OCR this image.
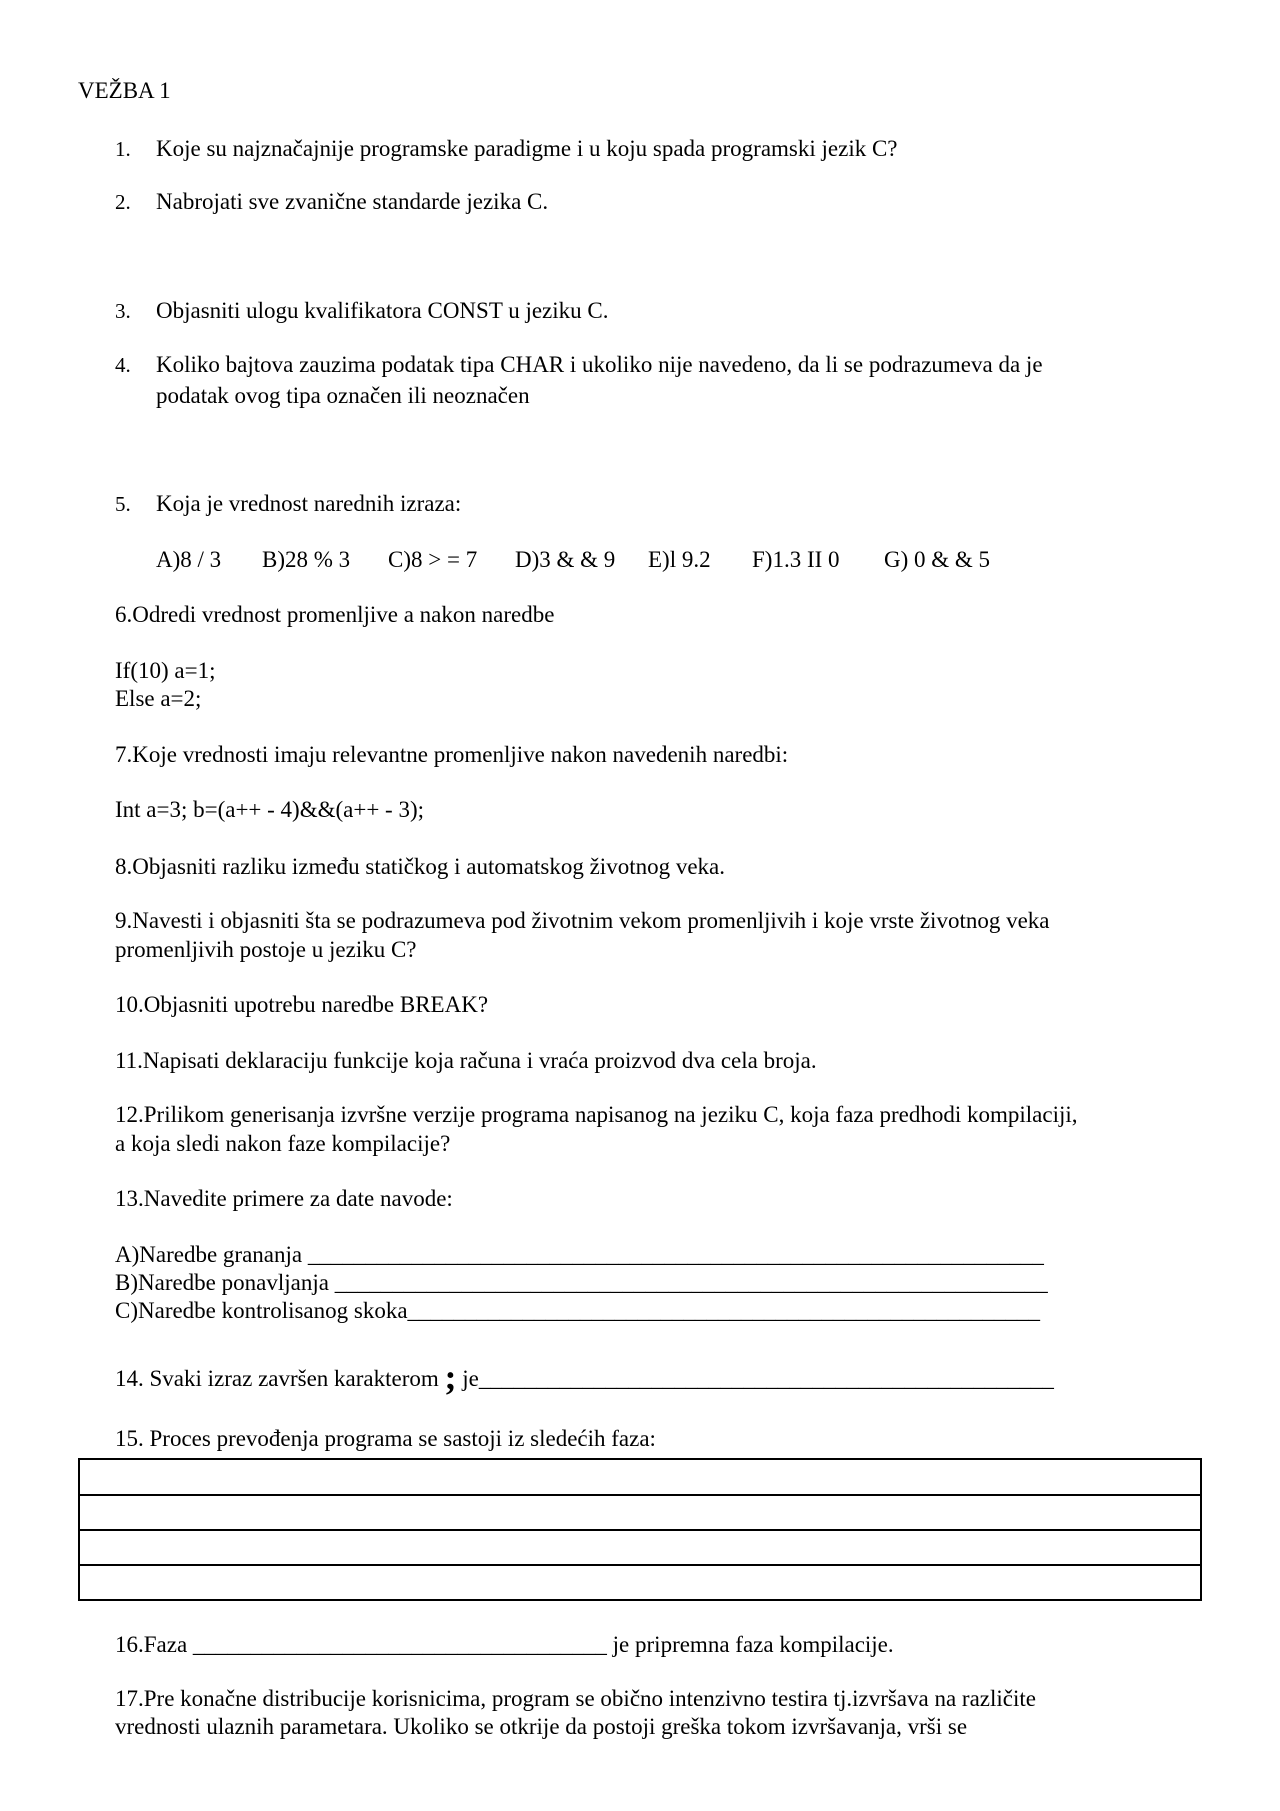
VEŽBA 1
1. Koje su najznačajnije programske paradigme i u koju spada programski jezik C?
2. Nabrojati sve zvanične standarde jezika C.
3. Objasniti ulogu kvalifikatora CONST u jeziku C.
4. Koliko bajtova zauzima podatak tipa CHAR i ukoliko nije navedeno, da li se podrazumeva da je
podatak ovog tipa označen ili neoznačen
5. Koja je vrednost narednih izraza:
A)8 / 3 B)28 % 3 C)8 > = 7 D)3 & & 9 E)l 9.2 F)1.3 II 0 G) 0 & & 5
6.Odredi vrednost promenljive a nakon naredbe
If(10) a=1;
Else a=2;
7.Koje vrednosti imaju relevantne promenljive nakon navedenih naredbi:
Int a=3; b=(a++ - 4)&&(a++ - 3);
8.Objasniti razliku između statičkog i automatskog životnog veka.
9.Navesti i objasniti šta se podrazumeva pod životnim vekom promenljivih i koje vrste životnog veka
promenljivih postoje u jeziku C?
10.Objasniti upotrebu naredbe BREAK?
11.Napisati deklaraciju funkcije koja računa i vraća proizvod dva cela broja.
12.Prilikom generisanja izvršne verzije programa napisanog na jeziku C, koja faza predhodi kompilaciji,
a koja sledi nakon faze kompilacije?
13.Navedite primere za date navode:
A)Naredbe grananja ________________________________________________________________
B)Naredbe ponavljanja ______________________________________________________________
C)Naredbe kontrolisanog skoka_______________________________________________________
14. Svaki izraz završen karakterom ; je__________________________________________________
15. Proces prevođenja programa se sastoji iz sledećih faza:
16.Faza ____________________________________ je pripremna faza kompilacije.
17.Pre konačne distribucije korisnicima, program se obično intenzivno testira tj.izvršava na različite
vrednosti ulaznih parametara. Ukoliko se otkrije da postoji greška tokom izvršavanja, vrši se
